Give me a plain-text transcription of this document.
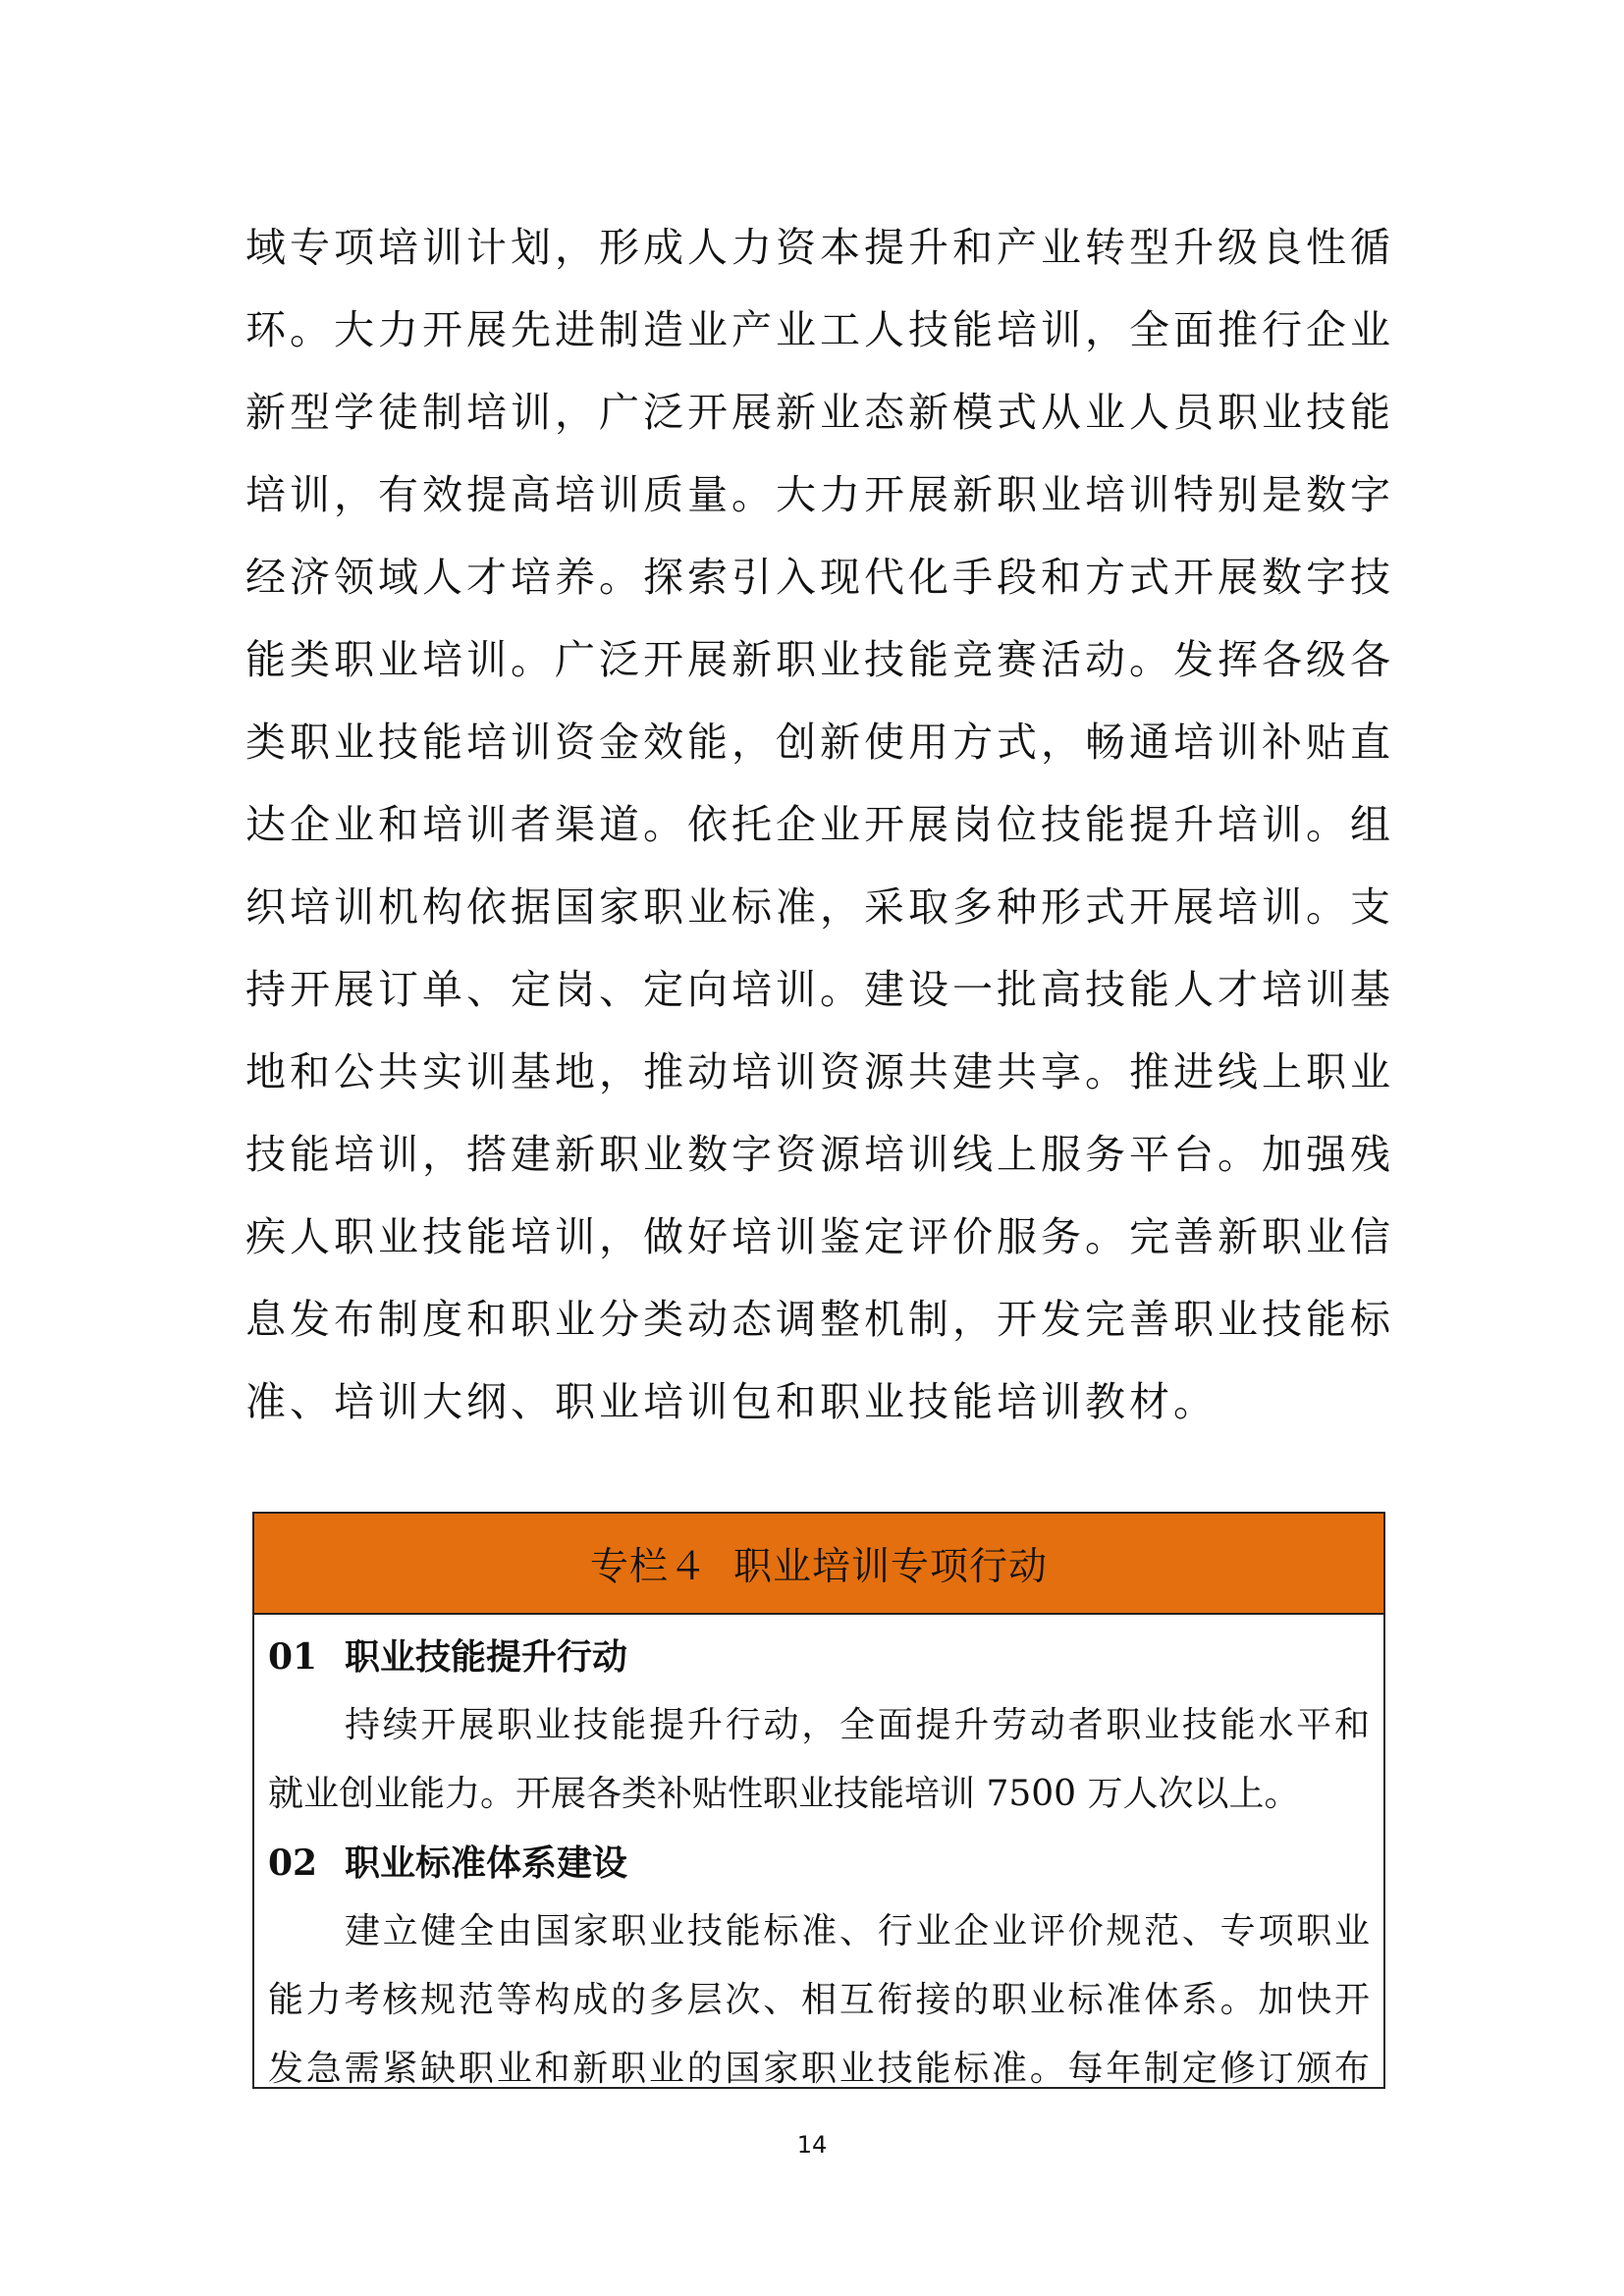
域专项培训计划，形成人力资本提升和产业转型升级良性循
环。大力开展先进制造业产业工人技能培训，全面推行企业
新型学徒制培训，广泛开展新业态新模式从业人员职业技能
培训，有效提高培训质量。大力开展新职业培训特别是数字
经济领域人才培养。探索引入现代化手段和方式开展数字技
能类职业培训。广泛开展新职业技能竞赛活动。发挥各级各
类职业技能培训资金效能，创新使用方式，畅通培训补贴直
达企业和培训者渠道。依托企业开展岗位技能提升培训。组
织培训机构依据国家职业标准，采取多种形式开展培训。支
持开展订单、定岗、定向培训。建设一批高技能人才培训基
地和公共实训基地，推动培训资源共建共享。推进线上职业
技能培训，搭建新职业数字资源培训线上服务平台。加强残
疾人职业技能培训，做好培训鉴定评价服务。完善新职业信
息发布制度和职业分类动态调整机制，开发完善职业技能标
准、培训大纲、职业培训包和职业技能培训教材。
专栏４ 职业培训专项行动
01 职业技能提升行动
持续开展职业技能提升行动，全面提升劳动者职业技能水平和
就业创业能力。开展各类补贴性职业技能培训 7500 万人次以上。
02 职业标准体系建设
建立健全由国家职业技能标准、行业企业评价规范、专项职业
能力考核规范等构成的多层次、相互衔接的职业标准体系。加快开
发急需紧缺职业和新职业的国家职业技能标准。每年制定修订颁布
14
